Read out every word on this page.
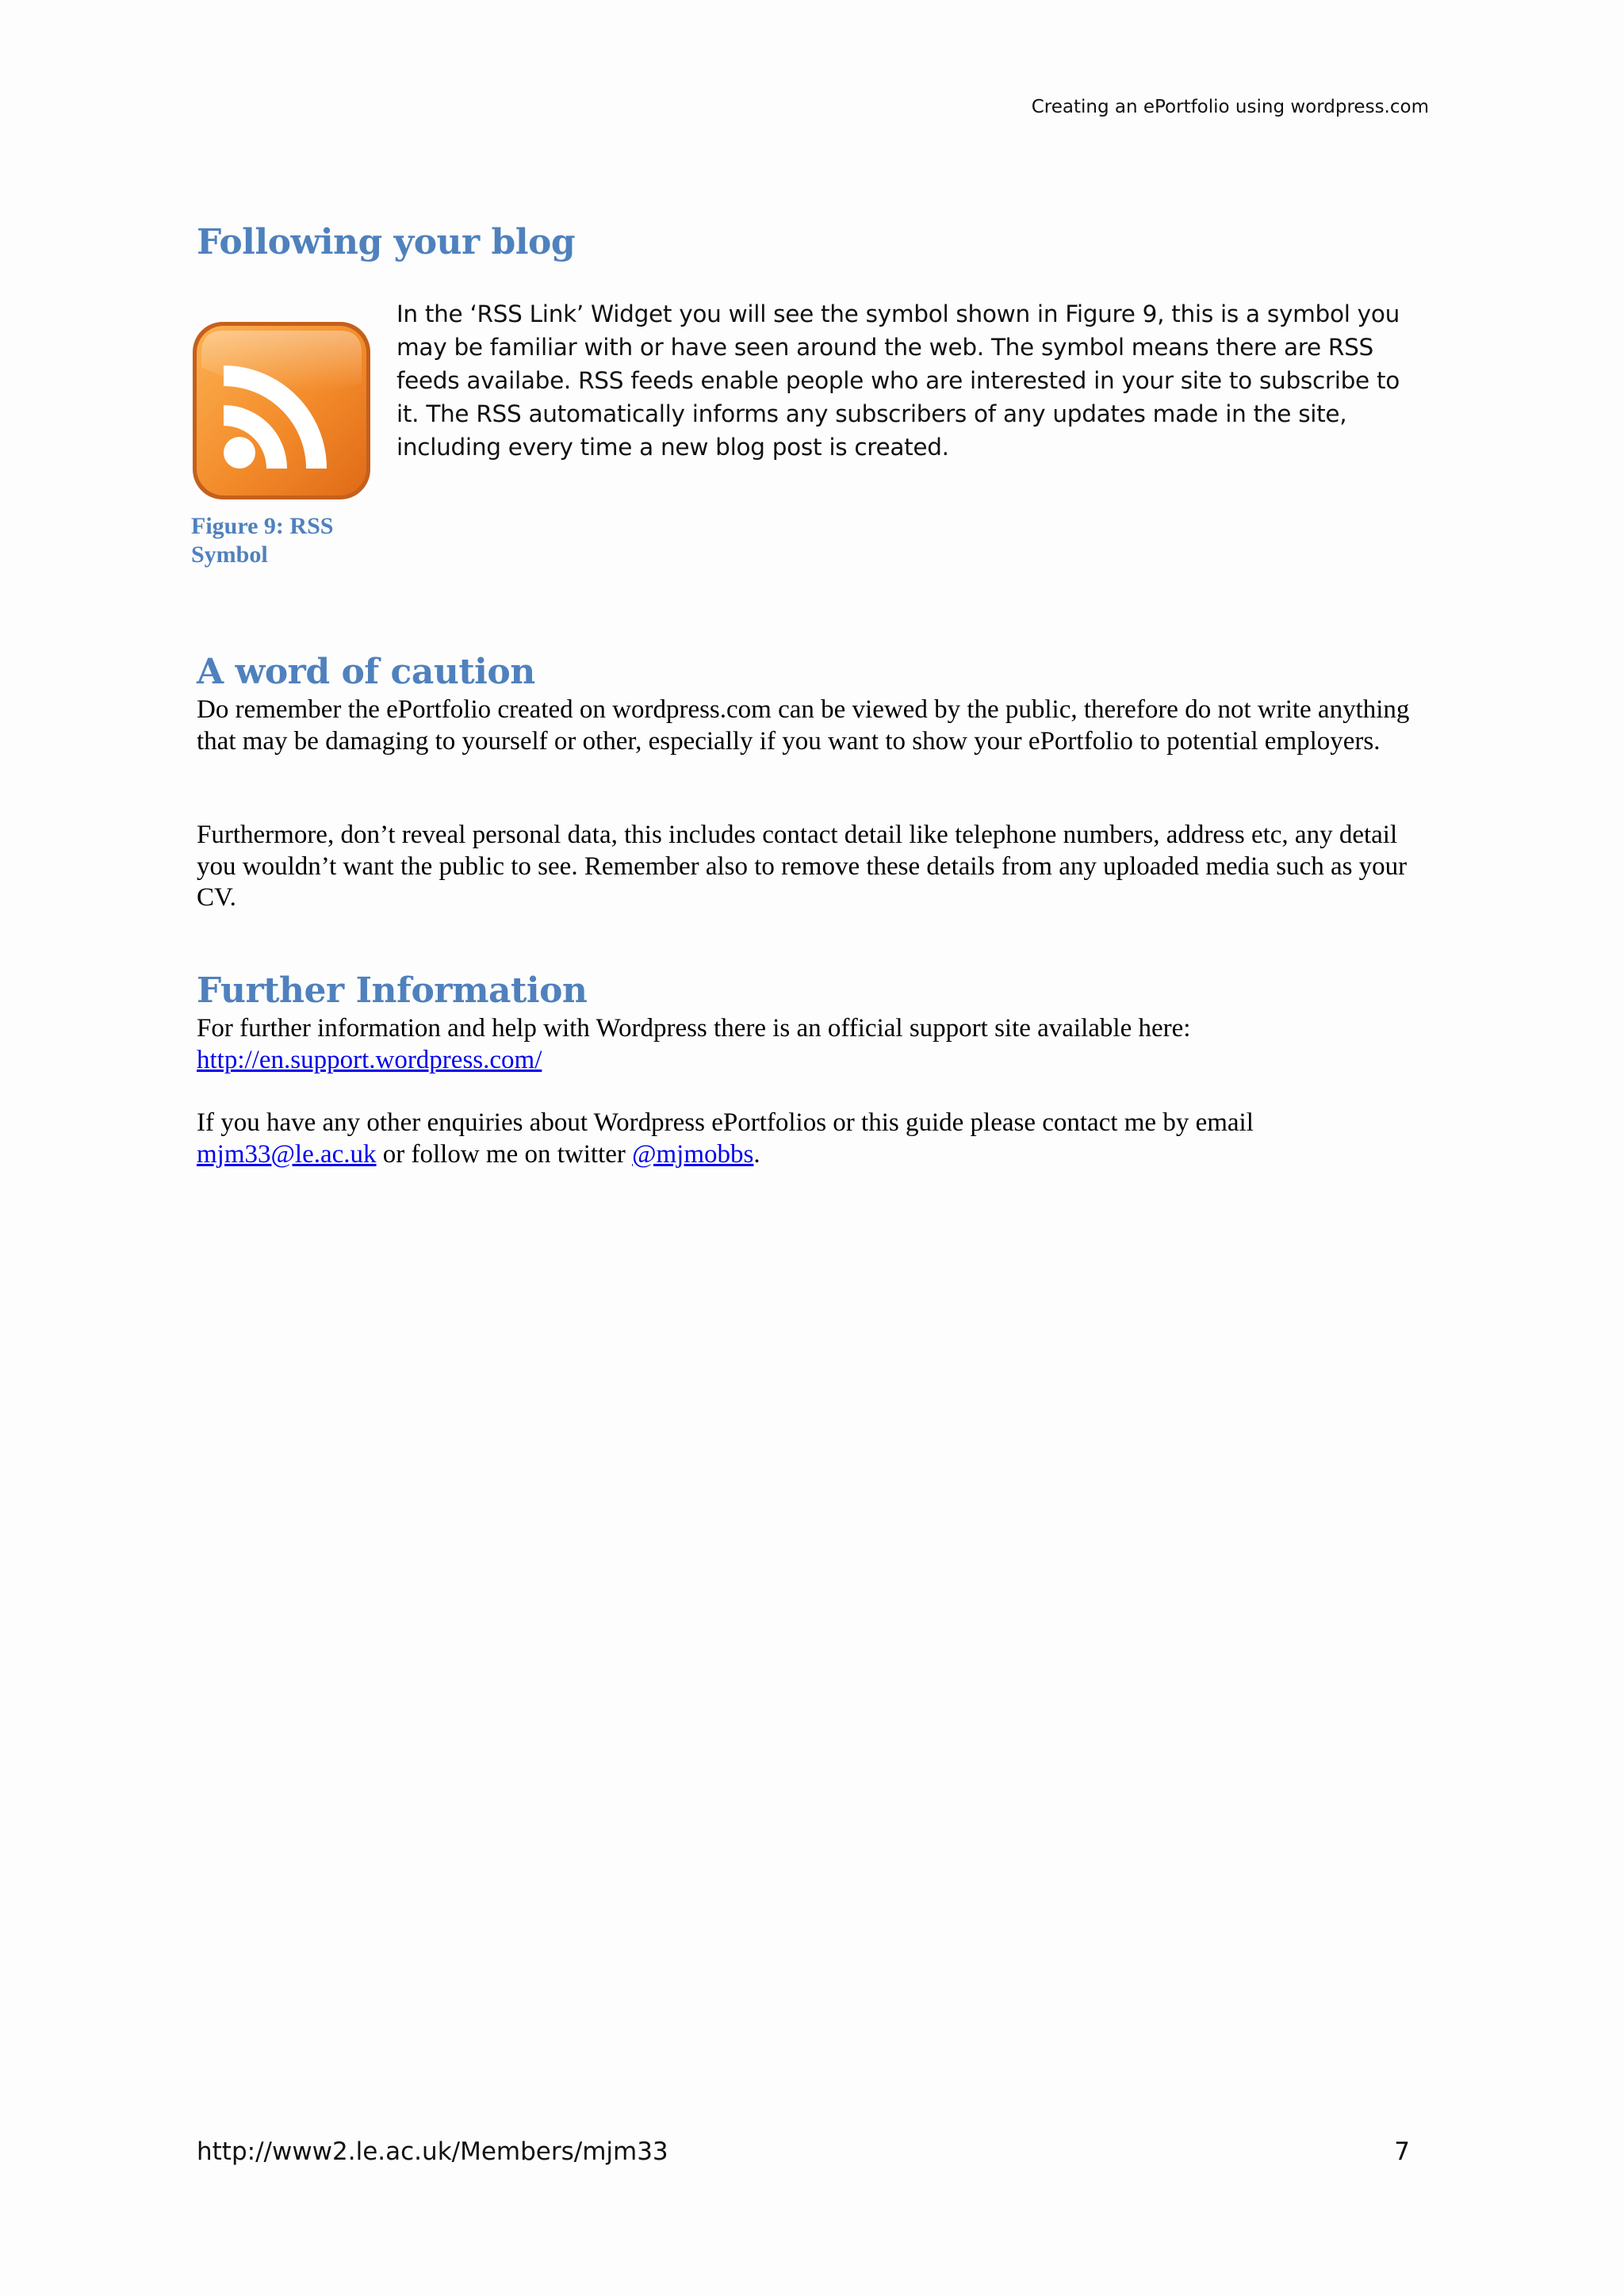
Creating an ePortfolio using wordpress.com
Following your blog
Figure 9: RSS Symbol

In the ‘RSS Link’ Widget you will see the symbol shown in Figure 9, this is a symbol you may be familiar with or have seen around the web. The symbol means there are RSS feeds availabe. RSS feeds enable people who are interested in your site to subscribe to it. The RSS automatically informs any subscribers of any updates made in the site, including every time a new blog post is created.

A word of caution

Do remember the ePortfolio created on wordpress.com can be viewed by the public, therefore do not write anything that may be damaging to yourself or other, especially if you want to show your ePortfolio to potential employers.

Furthermore, don’t reveal personal data, this includes contact detail like telephone numbers, address etc, any detail you wouldn’t want the public to see. Remember also to remove these details from any uploaded media such as your CV.

Further Information

For further information and help with Wordpress there is an official support site available here:
http://en.support.wordpress.com/

If you have any other enquiries about Wordpress ePortfolios or this guide please contact me by email
mjm33@le.ac.uk or follow me on twitter @mjmobbs.

http://www2.le.ac.uk/Members/mjm33	7
